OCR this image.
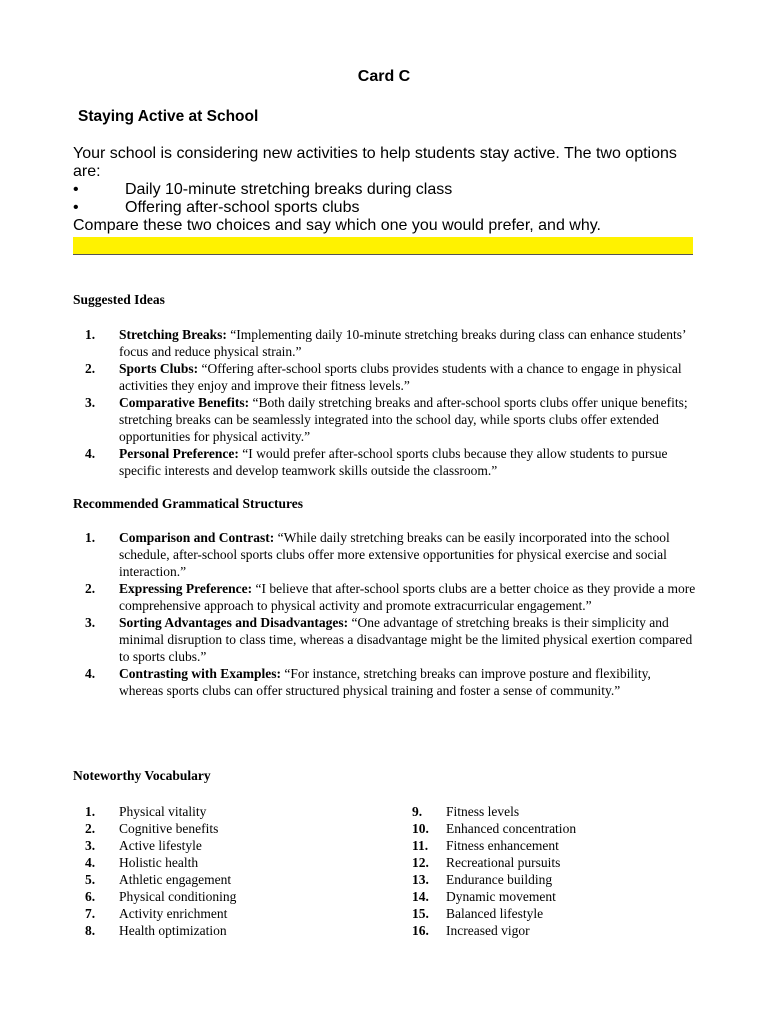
Card C
Staying Active at School
Your school is considering new activities to help students stay active. The two options are:
•	Daily 10-minute stretching breaks during class
•	Offering after-school sports clubs
Compare these two choices and say which one you would prefer, and why.
Suggested Ideas
1.	Stretching Breaks: “Implementing daily 10-minute stretching breaks during class can enhance students’ focus and reduce physical strain.”
2.	Sports Clubs: “Offering after-school sports clubs provides students with a chance to engage in physical activities they enjoy and improve their fitness levels.”
3.	Comparative Benefits: “Both daily stretching breaks and after-school sports clubs offer unique benefits; stretching breaks can be seamlessly integrated into the school day, while sports clubs offer extended opportunities for physical activity.”
4.	Personal Preference: “I would prefer after-school sports clubs because they allow students to pursue specific interests and develop teamwork skills outside the classroom.”
Recommended Grammatical Structures
1.	Comparison and Contrast: “While daily stretching breaks can be easily incorporated into the school schedule, after-school sports clubs offer more extensive opportunities for physical exercise and social interaction.”
2.	Expressing Preference: “I believe that after-school sports clubs are a better choice as they provide a more comprehensive approach to physical activity and promote extracurricular engagement.”
3.	Sorting Advantages and Disadvantages: “One advantage of stretching breaks is their simplicity and minimal disruption to class time, whereas a disadvantage might be the limited physical exertion compared to sports clubs.”
4.	Contrasting with Examples: “For instance, stretching breaks can improve posture and flexibility, whereas sports clubs can offer structured physical training and foster a sense of community.”
Noteworthy Vocabulary
1.	Physical vitality
2.	Cognitive benefits
3.	Active lifestyle
4.	Holistic health
5.	Athletic engagement
6.	Physical conditioning
7.	Activity enrichment
8.	Health optimization
9.	Fitness levels
10.	Enhanced concentration
11.	Fitness enhancement
12.	Recreational pursuits
13.	Endurance building
14.	Dynamic movement
15.	Balanced lifestyle
16.	Increased vigor
